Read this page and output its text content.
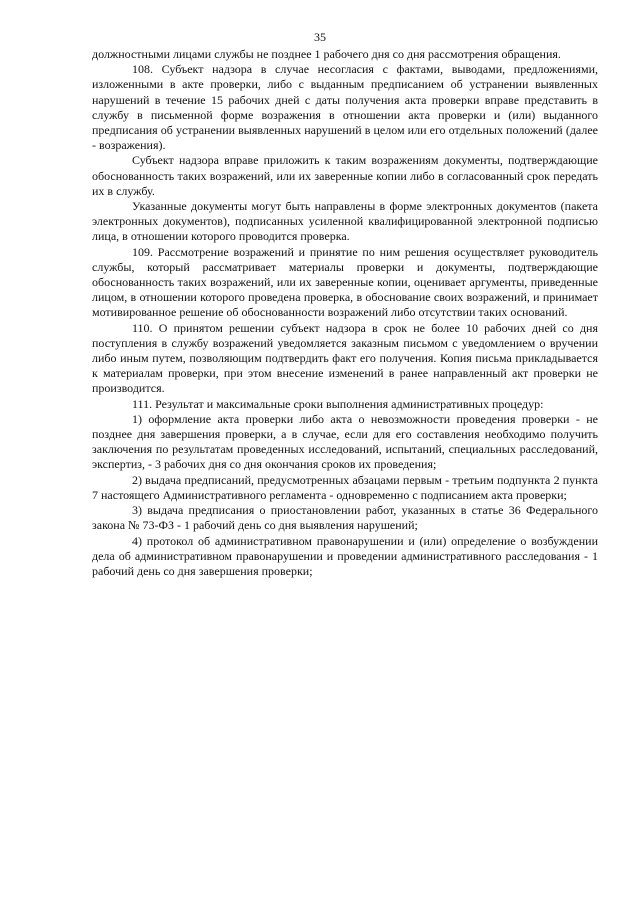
35

должностными лицами службы не позднее 1 рабочего дня со дня рассмотрения обращения.

108. Субъект надзора в случае несогласия с фактами, выводами, предложениями, изложенными в акте проверки, либо с выданным предписанием об устранении выявленных нарушений в течение 15 рабочих дней с даты получения акта проверки вправе представить в службу в письменной форме возражения в отношении акта проверки и (или) выданного предписания об устранении выявленных нарушений в целом или его отдельных положений (далее - возражения).

Субъект надзора вправе приложить к таким возражениям документы, подтверждающие обоснованность таких возражений, или их заверенные копии либо в согласованный срок передать их в службу.

Указанные документы могут быть направлены в форме электронных документов (пакета электронных документов), подписанных усиленной квалифицированной электронной подписью лица, в отношении которого проводится проверка.

109. Рассмотрение возражений и принятие по ним решения осуществляет руководитель службы, который рассматривает материалы проверки и документы, подтверждающие обоснованность таких возражений, или их заверенные копии, оценивает аргументы, приведенные лицом, в отношении которого проведена проверка, в обоснование своих возражений, и принимает мотивированное решение об обоснованности возражений либо отсутствии таких оснований.

110. О принятом решении субъект надзора в срок не более 10 рабочих дней со дня поступления в службу возражений уведомляется заказным письмом с уведомлением о вручении либо иным путем, позволяющим подтвердить факт его получения. Копия письма прикладывается к материалам проверки, при этом внесение изменений в ранее направленный акт проверки не производится.

111. Результат и максимальные сроки выполнения административных процедур:

1) оформление акта проверки либо акта о невозможности проведения проверки - не позднее дня завершения проверки, а в случае, если для его составления необходимо получить заключения по результатам проведенных исследований, испытаний, специальных расследований, экспертиз, - 3 рабочих дня со дня окончания сроков их проведения;

2) выдача предписаний, предусмотренных абзацами первым - третьим подпункта 2 пункта 7 настоящего Административного регламента - одновременно с подписанием акта проверки;

3) выдача предписания о приостановлении работ, указанных в статье 36 Федерального закона № 73-ФЗ - 1 рабочий день со дня выявления нарушений;

4) протокол об административном правонарушении и (или) определение о возбуждении дела об административном правонарушении и проведении административного расследования - 1 рабочий день со дня завершения проверки;
